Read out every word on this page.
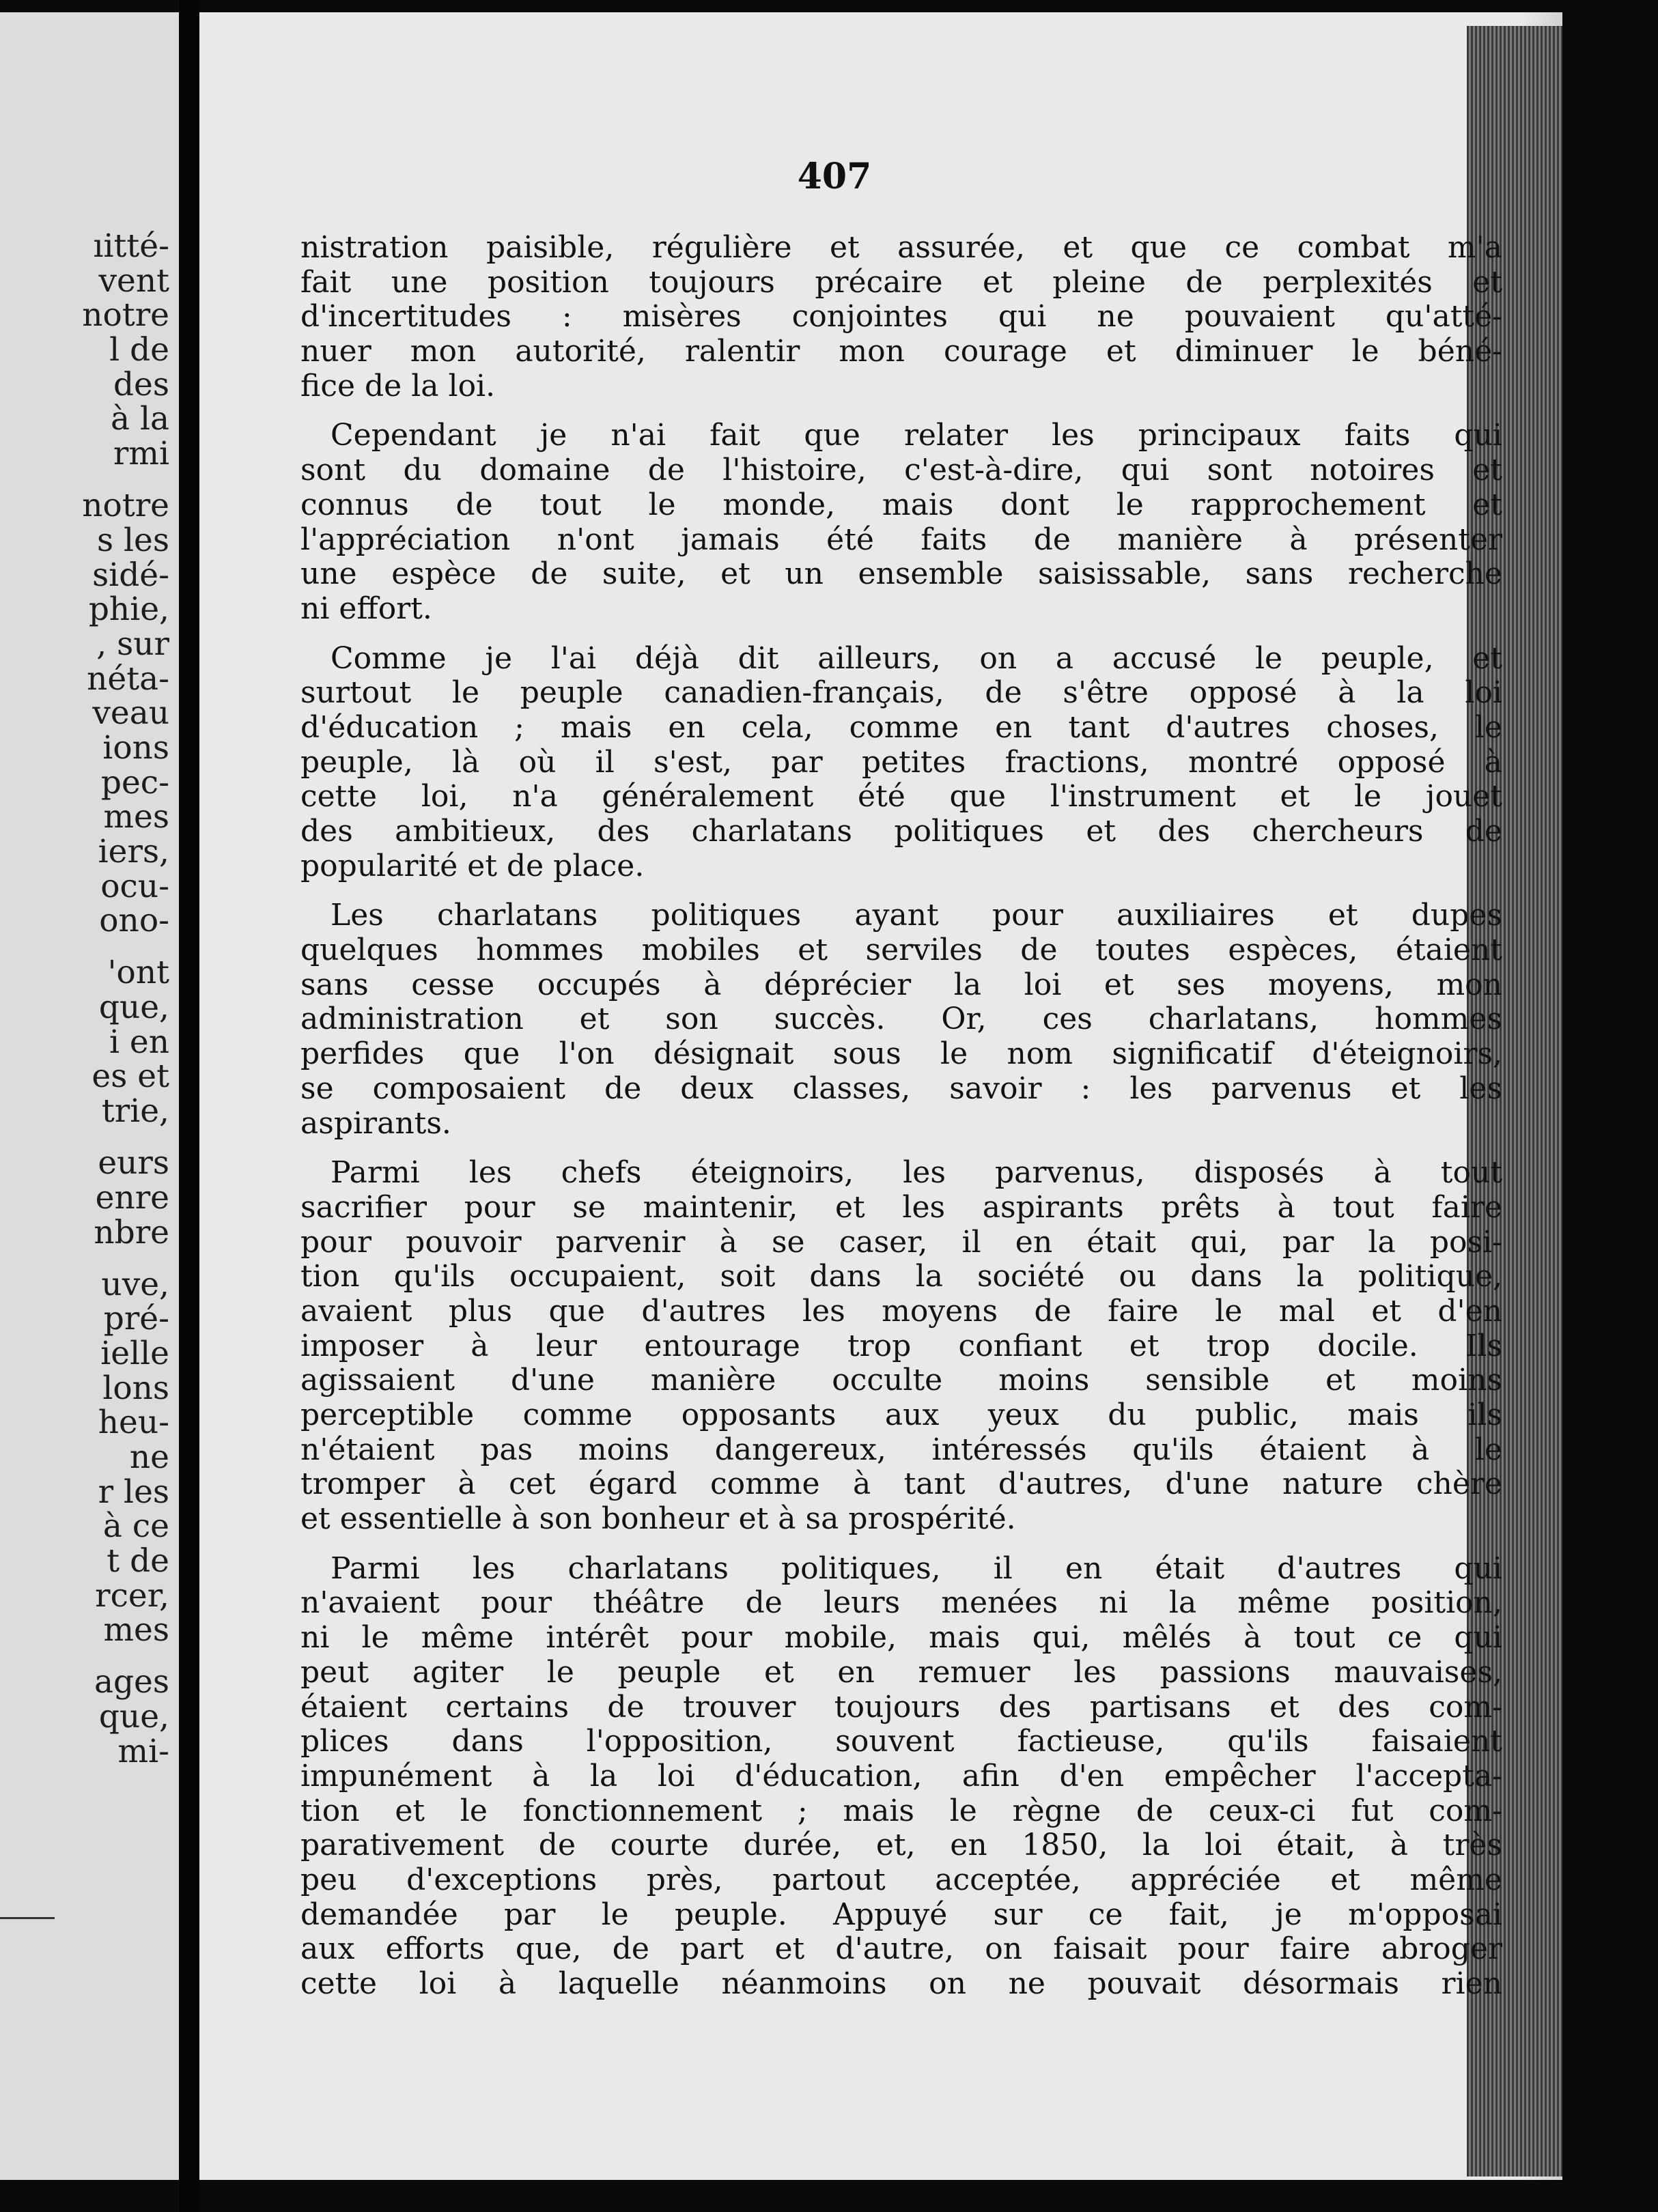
ıitté-
vent
notre
l de
des
à la
rmi
notre
s les
sidé-
phie,
, sur
néta-
veau
ions
pec-
mes
iers,
ocu-
ono-
'ont
que,
i en
es et
trie,
eurs
enre
nbre
uve,
pré-
ielle
lons
heu-
ne
r les
à ce
t de
rcer,
mes
ages
que,
mi-
407
nistration paisible, régulière et assurée, et que ce combat m'a
fait une position toujours précaire et pleine de perplexités et
d'incertitudes : misères conjointes qui ne pouvaient qu'atté-
nuer mon autorité, ralentir mon courage et diminuer le béné-
fice de la loi.
Cependant je n'ai fait que relater les principaux faits qui
sont du domaine de l'histoire, c'est-à-dire, qui sont notoires et
connus de tout le monde, mais dont le rapprochement et
l'appréciation n'ont jamais été faits de manière à présenter
une espèce de suite, et un ensemble saisissable, sans recherche
ni effort.
Comme je l'ai déjà dit ailleurs, on a accusé le peuple, et
surtout le peuple canadien-français, de s'être opposé à la loi
d'éducation ; mais en cela, comme en tant d'autres choses, le
peuple, là où il s'est, par petites fractions, montré opposé à
cette loi, n'a généralement été que l'instrument et le jouet
des ambitieux, des charlatans politiques et des chercheurs de
popularité et de place.
Les charlatans politiques ayant pour auxiliaires et dupes
quelques hommes mobiles et serviles de toutes espèces, étaient
sans cesse occupés à déprécier la loi et ses moyens, mon
administration et son succès. Or, ces charlatans, hommes
perfides que l'on désignait sous le nom significatif d'éteignoirs,
se composaient de deux classes, savoir : les parvenus et les
aspirants.
Parmi les chefs éteignoirs, les parvenus, disposés à tout
sacrifier pour se maintenir, et les aspirants prêts à tout faire
pour pouvoir parvenir à se caser, il en était qui, par la posi-
tion qu'ils occupaient, soit dans la société ou dans la politique,
avaient plus que d'autres les moyens de faire le mal et d'en
imposer à leur entourage trop confiant et trop docile. Ils
agissaient d'une manière occulte moins sensible et moins
perceptible comme opposants aux yeux du public, mais ils
n'étaient pas moins dangereux, intéressés qu'ils étaient à le
tromper à cet égard comme à tant d'autres, d'une nature chère
et essentielle à son bonheur et à sa prospérité.
Parmi les charlatans politiques, il en était d'autres qui
n'avaient pour théâtre de leurs menées ni la même position,
ni le même intérêt pour mobile, mais qui, mêlés à tout ce qui
peut agiter le peuple et en remuer les passions mauvaises,
étaient certains de trouver toujours des partisans et des com-
plices dans l'opposition, souvent factieuse, qu'ils faisaient
impunément à la loi d'éducation, afin d'en empêcher l'accepta-
tion et le fonctionnement ; mais le règne de ceux-ci fut com-
parativement de courte durée, et, en 1850, la loi était, à très
peu d'exceptions près, partout acceptée, appréciée et même
demandée par le peuple. Appuyé sur ce fait, je m'opposai
aux efforts que, de part et d'autre, on faisait pour faire abroger
cette loi à laquelle néanmoins on ne pouvait désormais rien
